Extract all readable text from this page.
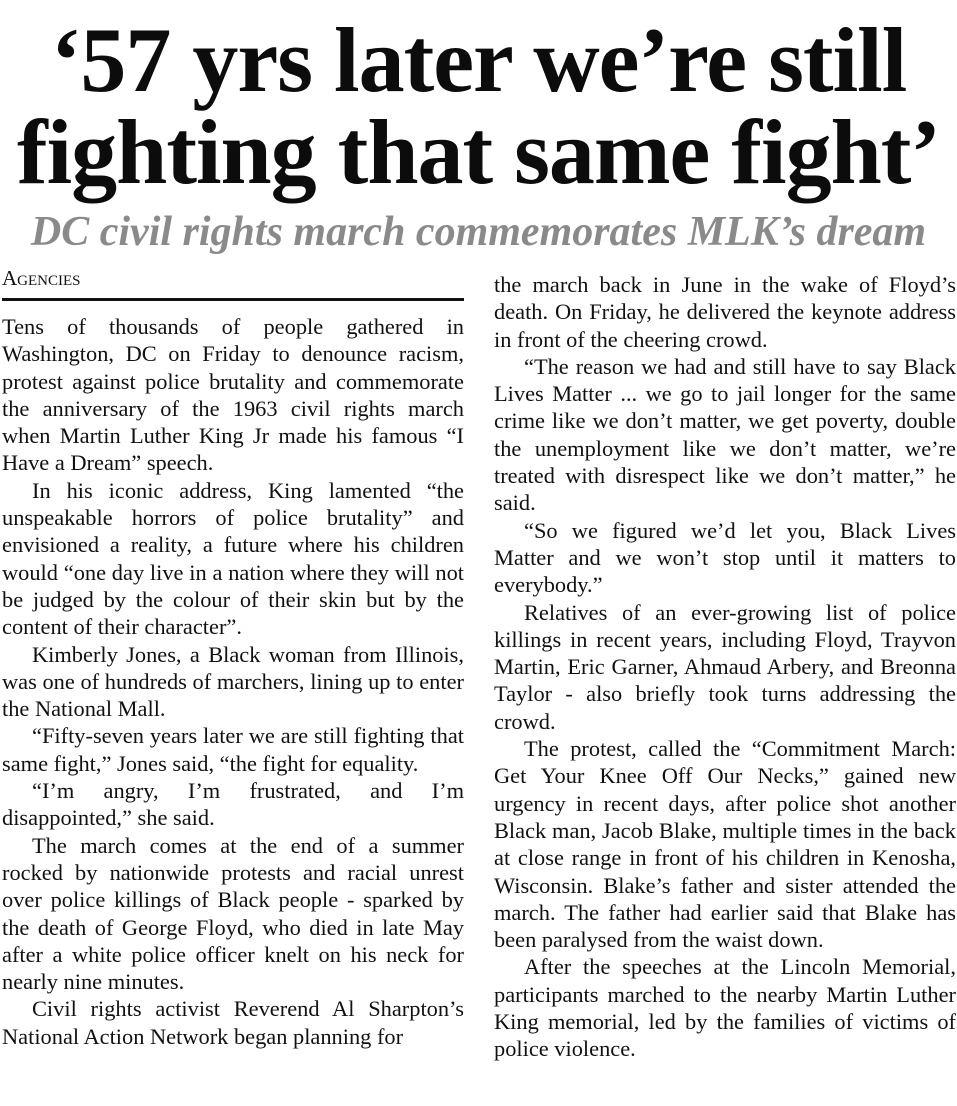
‘57 yrs later we’re still
fighting that same fight’
DC civil rights march commemorates MLK’s dream
Agencies

Tens of thousands of people gathered in Washington, DC on Friday to denounce racism, protest against police brutality and commemorate the anniversary of the 1963 civil rights march when Martin Luther King Jr made his famous “I Have a Dream” speech.

In his iconic address, King lamented “the unspeakable horrors of police brutality” and envisioned a reality, a future where his children would “one day live in a nation where they will not be judged by the colour of their skin but by the content of their character”.

Kimberly Jones, a Black woman from Illinois, was one of hundreds of marchers, lining up to enter the National Mall.

“Fifty-seven years later we are still fighting that same fight,” Jones said, “the fight for equality.

“I’m angry, I’m frustrated, and I’m disappointed,” she said.

The march comes at the end of a summer rocked by nationwide protests and racial unrest over police killings of Black people - sparked by the death of George Floyd, who died in late May after a white police officer knelt on his neck for nearly nine minutes.

Civil rights activist Reverend Al Sharpton’s National Action Network began planning for

the march back in June in the wake of Floyd’s death. On Friday, he delivered the keynote address in front of the cheering crowd.

“The reason we had and still have to say Black Lives Matter ... we go to jail longer for the same crime like we don’t matter, we get poverty, double the unemployment like we don’t matter, we’re treated with disrespect like we don’t matter,” he said.

“So we figured we’d let you, Black Lives Matter and we won’t stop until it matters to everybody.”

Relatives of an ever-growing list of police killings in recent years, including Floyd, Trayvon Martin, Eric Garner, Ahmaud Arbery, and Breonna Taylor - also briefly took turns addressing the crowd.

The protest, called the “Commitment March: Get Your Knee Off Our Necks,” gained new urgency in recent days, after police shot another Black man, Jacob Blake, multiple times in the back at close range in front of his children in Kenosha, Wisconsin. Blake’s father and sister attended the march. The father had earlier said that Blake has been paralysed from the waist down.

After the speeches at the Lincoln Memorial, participants marched to the nearby Martin Luther King memorial, led by the families of victims of police violence.
